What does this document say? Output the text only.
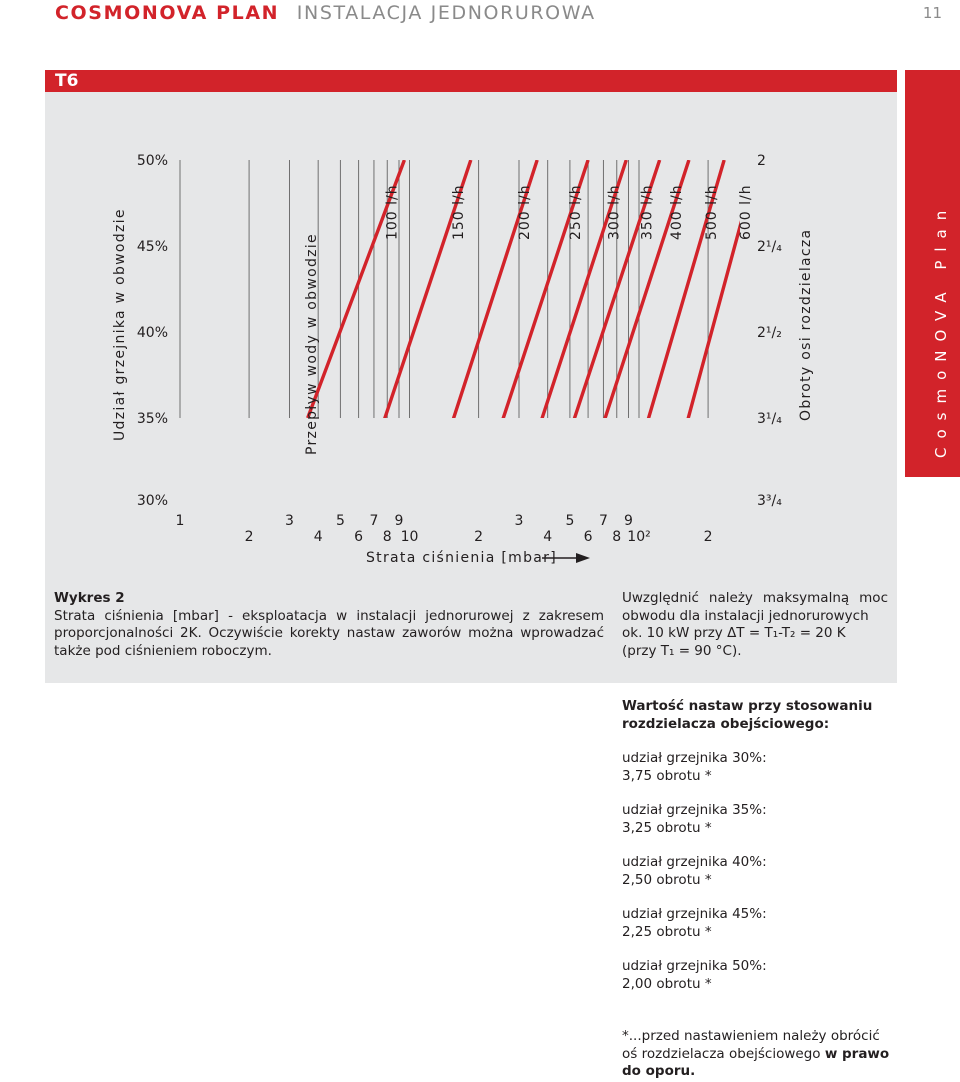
COSMONOVA PLAN INSTALACJA JEDNORUROWA	11
T6
CosmoNOVA Plan
50%
45%
40%
35%
30%
2
2¹/₄
2¹/₂
3¹/₄
3³/₄
1	3	5 7 9	3	5 7 9
2	4 6 8 10	2	4 6 8 10²	2
100 l/h	150 l/h	200 l/h 250 l/h 300 l/h 350 l/h 400 l/h 500 l/h 600 l/h
Udział grzejnika w obwodzie	Obroty osi rozdzielacza
Przepływ wody w obwodzie
Strata ciśnienia [mbar]
Wykres 2
Strata ciśnienia [mbar] - eksploatacja w instalacji jednorurowej z zakresem proporcjonalności 2K. Oczywiście korekty nastaw zaworów można wprowadzać także pod ciśnieniem roboczym.
Uwzględnić należy maksymalną moc obwodu dla instalacji jednorurowych
ok. 10 kW przy ΔT = T₁-T₂ = 20 K
(przy T₁ = 90 °C).
Wartość nastaw przy stosowaniu rozdzielacza obejściowego:
udział grzejnika 30%:
3,75 obrotu *
udział grzejnika 35%:
3,25 obrotu *
udział grzejnika 40%:
2,50 obrotu *
udział grzejnika 45%:
2,25 obrotu *
udział grzejnika 50%:
2,00 obrotu *
*...przed nastawieniem należy obrócić oś rozdzielacza obejściowego w prawo do oporu.
